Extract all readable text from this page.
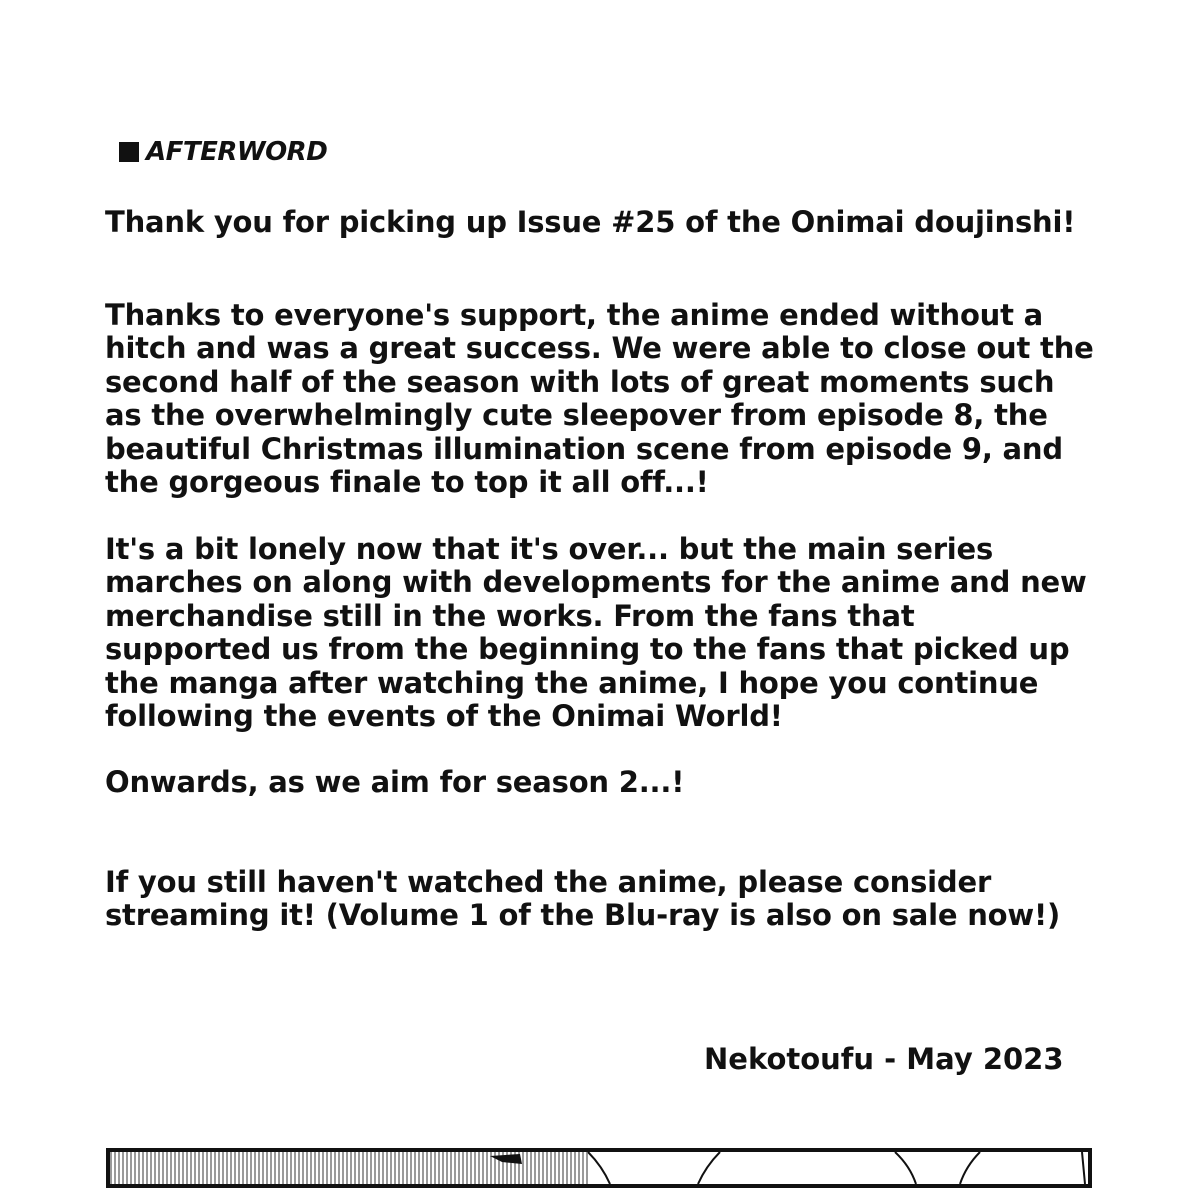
AFTERWORD

Thank you for picking up Issue #25 of the Onimai doujinshi!

Thanks to everyone's support, the anime ended without a
hitch and was a great success. We were able to close out the
second half of the season with lots of great moments such
as the overwhelmingly cute sleepover from episode 8, the
beautiful Christmas illumination scene from episode 9, and
the gorgeous finale to top it all off...!

It's a bit lonely now that it's over... but the main series
marches on along with developments for the anime and new
merchandise still in the works. From the fans that
supported us from the beginning to the fans that picked up
the manga after watching the anime, I hope you continue
following the events of the Onimai World!

Onwards, as we aim for season 2...!

If you still haven't watched the anime, please consider
streaming it! (Volume 1 of the Blu-ray is also on sale now!)

Nekotoufu - May 2023
